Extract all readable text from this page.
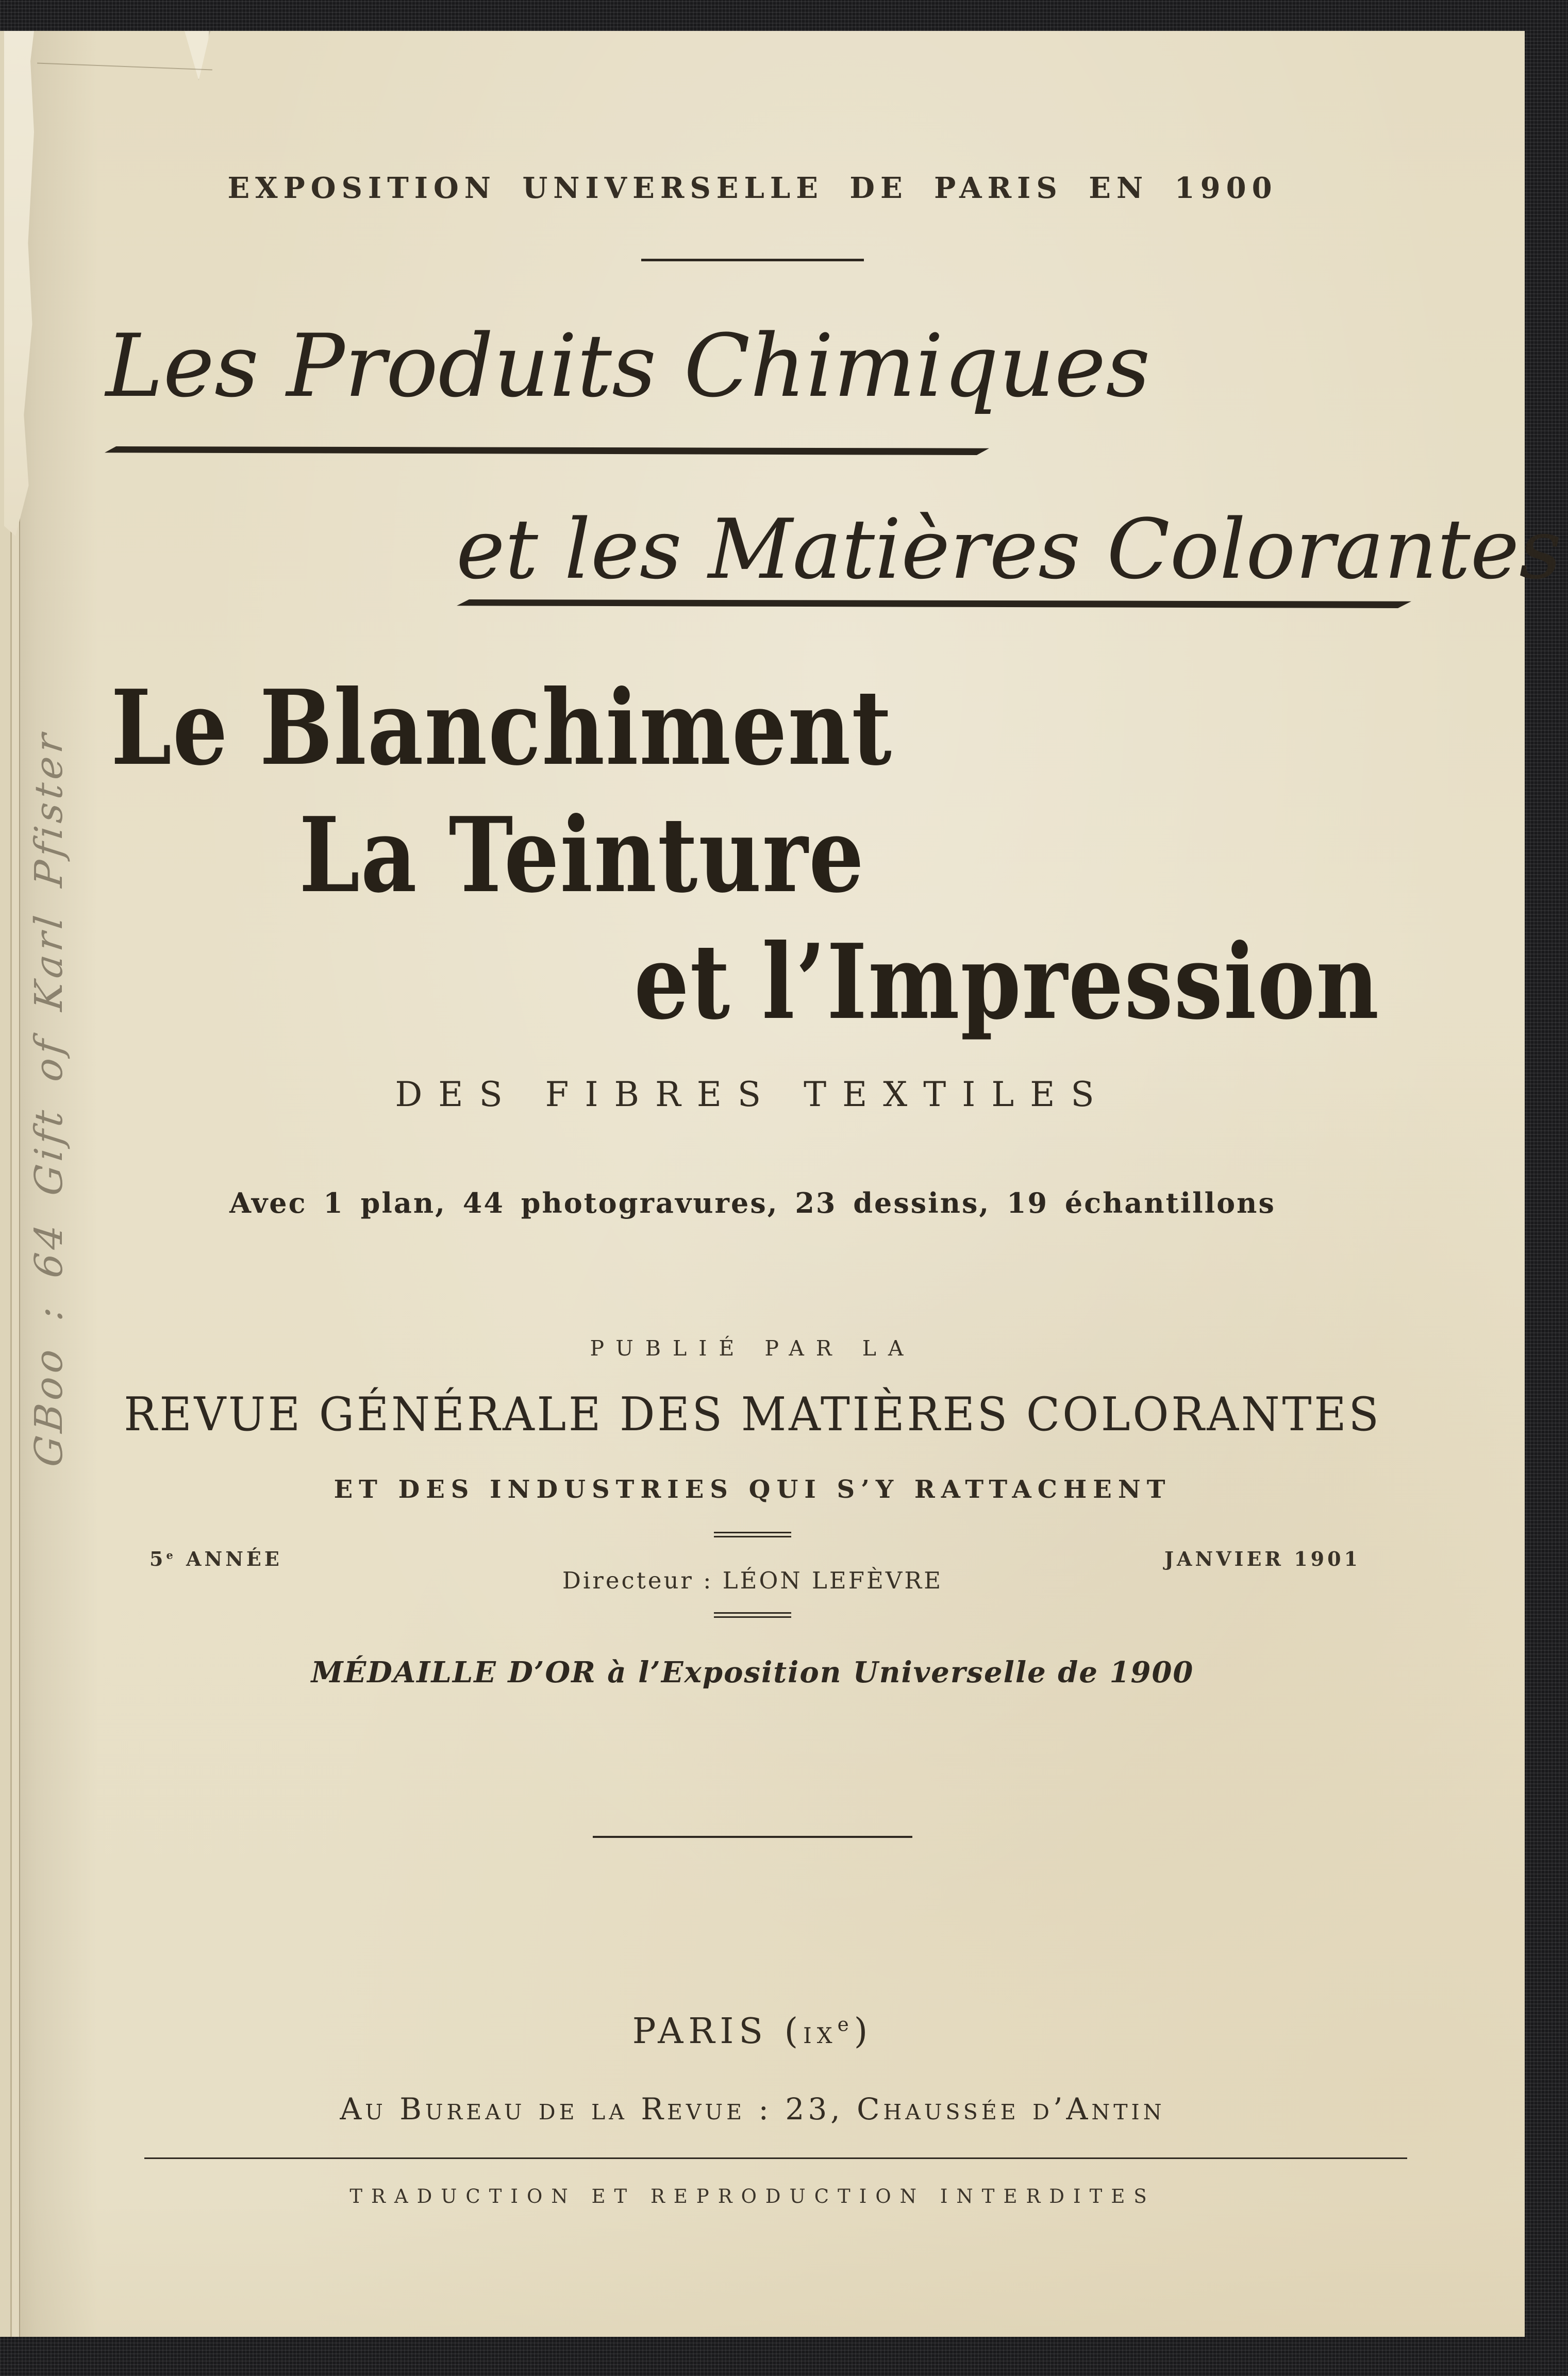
EXPOSITION UNIVERSELLE DE PARIS EN 1900
Les Produits Chimiques
et les Matières Colorantes
Le Blanchiment
La Teinture
et l’Impression
DES FIBRES TEXTILES
Avec 1 plan, 44 photogravures, 23 dessins, 19 échantillons
PUBLIÉ PAR LA
REVUE GÉNÉRALE DES MATIÈRES COLORANTES
ET DES INDUSTRIES QUI S’Y RATTACHENT
5e ANNÉE	JANVIER 1901
Directeur : LÉON LEFÈVRE
MÉDAILLE D’OR à l’Exposition Universelle de 1900
PARIS $(ix^e)$
Au Bureau de la Revue : 23, Chaussée d’Antin
TRADUCTION ET REPRODUCTION INTERDITES
GBoo : 64 Gift of Karl Pfister
